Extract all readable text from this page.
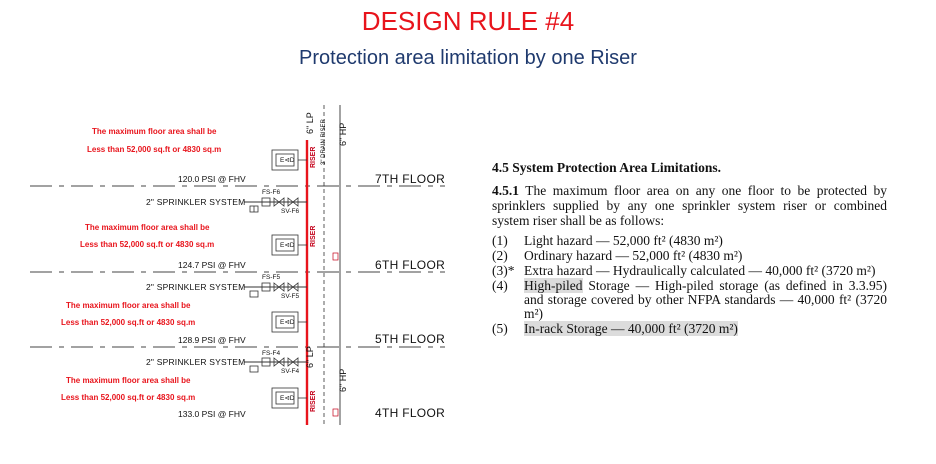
DESIGN RULE #4
Protection area limitation by one Riser
6" LP 3" DRAIN RISER 6" HP
RISER
RISER
6" LP
6" HP
RISER
E⊲D
E⊲D
E⊲D
E⊲D
The maximum floor area shall be
Less than 52,000 sq.ft or 4830 sq.m
The maximum floor area shall be
Less than 52,000 sq.ft or 4830 sq.m
The maximum floor area shall be
Less than 52,000 sq.ft or 4830 sq.m
The maximum floor area shall be
Less than 52,000 sq.ft or 4830 sq.m
120.0 PSI @ FHV
124.7 PSI @ FHV
128.9 PSI @ FHV
133.0 PSI @ FHV
2" SPRINKLER SYSTEM
2" SPRINKLER SYSTEM
2" SPRINKLER SYSTEM
FS-F6
SV-F6
FS-F5
SV-F5
FS-F4
SV-F4
7TH FLOOR
6TH FLOOR
5TH FLOOR
4TH FLOOR
4.5 System Protection Area Limitations.
4.5.1 The maximum floor area on any one floor to be protected by sprinklers supplied by any one sprinkler system riser or combined system riser shall be as follows:
(1)	Light hazard — 52,000 ft² (4830 m²)
(2)	Ordinary hazard — 52,000 ft² (4830 m²)
(3)* Extra hazard — Hydraulically calculated — 40,000 ft² (3720 m²)
(4)	High-piled Storage — High-piled storage (as defined in 3.3.95) and storage covered by other NFPA standards — 40,000 ft² (3720 m²)
(5)	In-rack Storage — 40,000 ft² (3720 m²)
